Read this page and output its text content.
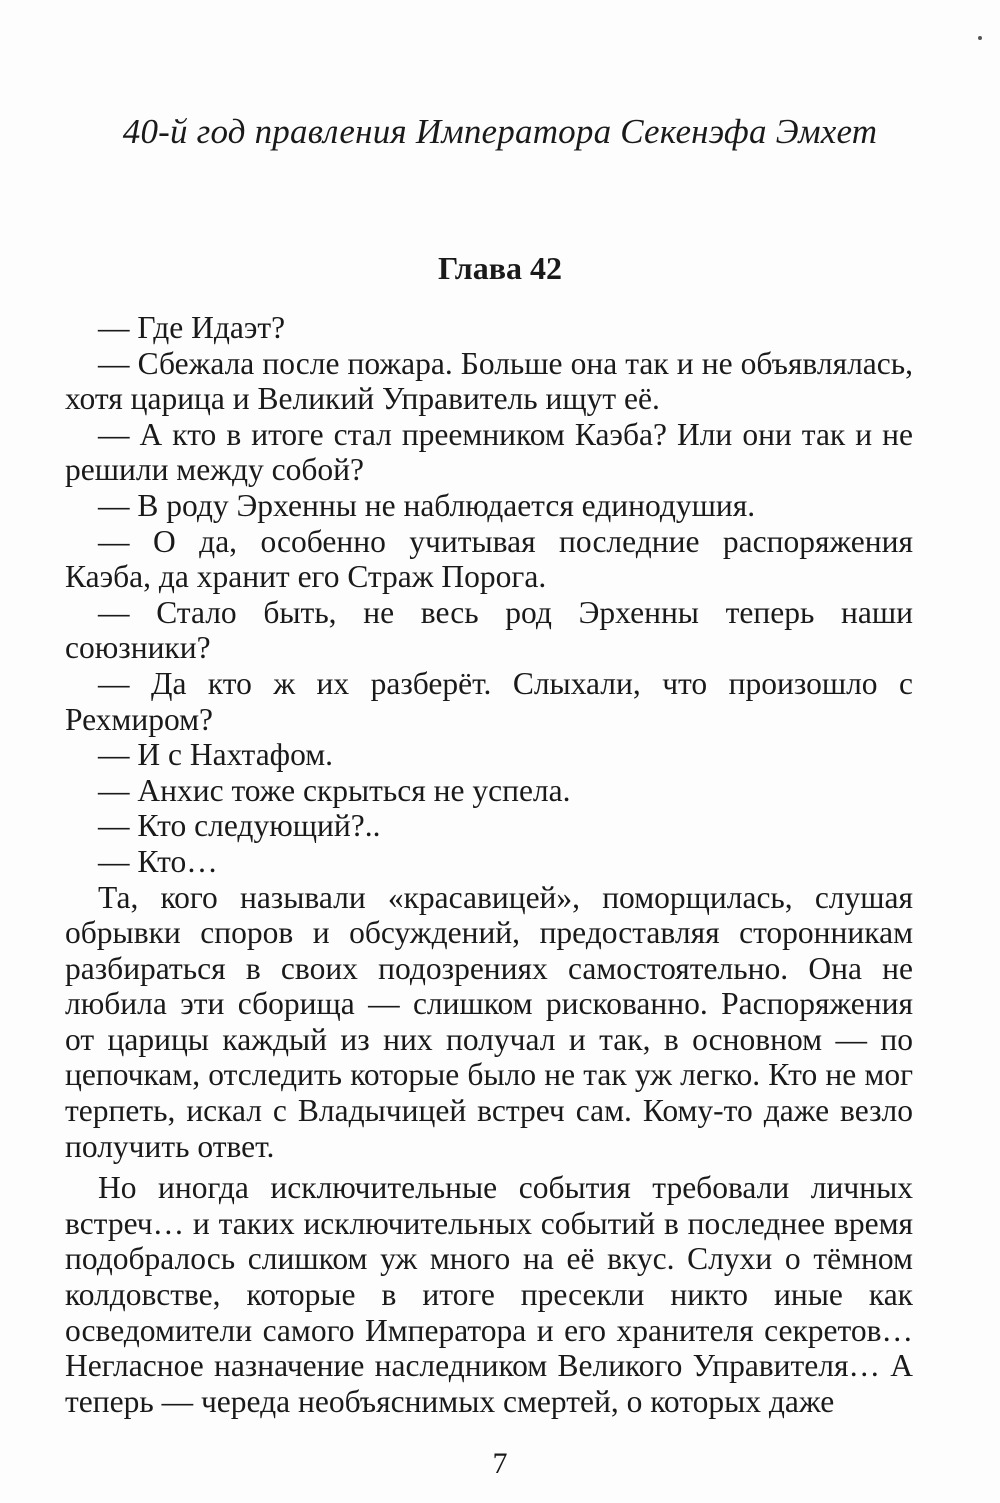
40-й год правления Императора Секенэфа Эмхет
Глава 42

— Где Идаэт?

— Сбежала после пожара. Больше она так и не объявлялась, хотя царица и Великий Управитель ищут её.

— А кто в итоге стал преемником Каэба? Или они так и не решили между собой?

— В роду Эрхенны не наблюдается единодушия.

— О да, особенно учитывая последние распоряжения Каэба, да хранит его Страж Порога.

— Стало быть, не весь род Эрхенны теперь наши союзники?

— Да кто ж их разберёт. Слыхали, что произошло с Рехмиром?

— И с Нахтафом.

— Анхис тоже скрыться не успела.

— Кто следующий?..

— Кто…

Та, кого называли «красавицей», поморщилась, слушая обрывки споров и обсуждений, предоставляя сторонникам разбираться в своих подозрениях самостоятельно. Она не любила эти сборища — слишком рискованно. Распоряжения от царицы каждый из них получал и так, в основном — по цепочкам, отследить которые было не так уж легко. Кто не мог терпеть, искал с Владычицей встреч сам. Кому-то даже везло получить ответ.

Но иногда исключительные события требовали личных встреч… и таких исключительных событий в последнее время подобралось слишком уж много на её вкус. Слухи о тёмном колдовстве, которые в итоге пресекли никто иные как осведомители самого Императора и его хранителя секретов… Негласное назначение наследником Великого Управителя… А теперь — череда необъяснимых смертей, о которых даже

7
